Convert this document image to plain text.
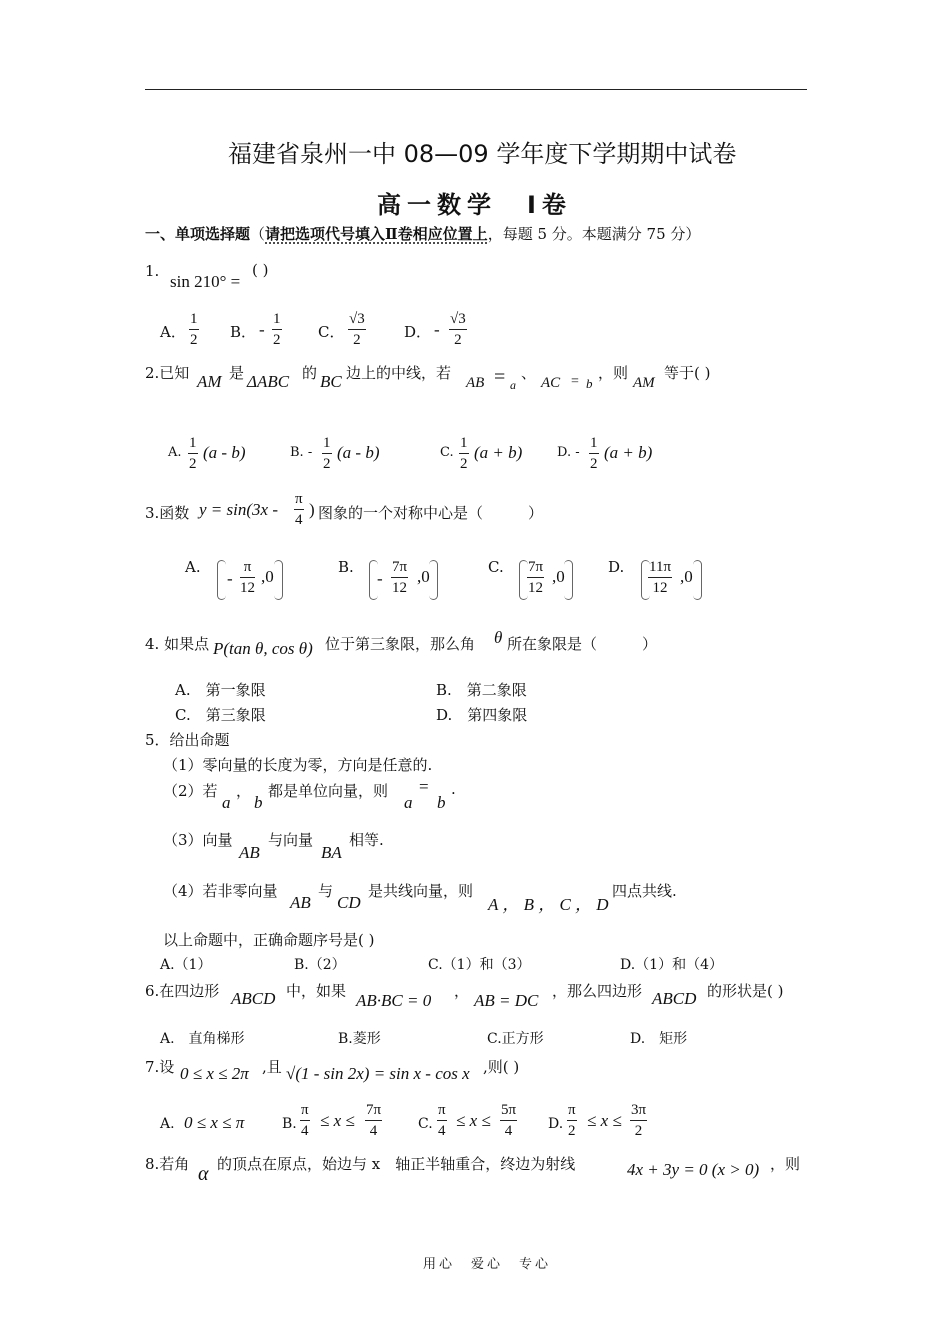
福建省泉州一中 08—09 学年度下学期期中试卷
高一数学　Ⅰ卷
一、单项选择题（请把选项代号填入Ⅱ卷相应位置上，每题 5 分。本题满分 75 分）
1.
sin 210° =
( )
A． $\frac{1}{2}$ B． - $\frac{1}{2}$ C． $\frac{√3}{2}$	D． - $\frac{√3}{2}$
2.已知 AM 是 ΔABC 的 BC 边上的中线，若
AB = a
、
AC = b
，则
AM
等于( )
A. $\frac{1}{2} (a - b)$	B. - $\frac{1}{2} (a - b)$	C. $\frac{1}{2} (a + b)$	D. - $\frac{1}{2} (a + b)$
3.函数 $y = \sin(3x - \frac{\pi}{4}$ ) 图象的一个对称中心是（　　　）
A.
- $\frac{\pi}{12} ,0$	B.
- $\frac{7\pi}{12} ,0$	C. $\frac{7\pi}{12} ,0$	D. $\frac{11\pi}{12} ,0$
4. 如果点 P(tan θ, cos θ) 位于第三象限，那么角 θ 所在象限是（　　　）
A.　第一象限	B.　第二象限
C.　第三象限	D.　第四象限
5．给出命题
（1）零向量的长度为零，方向是任意的.
（2）若
a
，
b
都是单位向量，则
a
=
b
.
（3）向量
AB
与向量
BA
相等.
（4）若非零向量
AB
与
CD
是共线向量，则
A ， B ， C ， D
四点共线.
以上命题中，正确命题序号是( )
A.（1）	B.（2）	C.（1）和（3）	D.（1）和（4）
6.在四边形 ABCD 中，如果 AB·BC = 0 ， AB = DC ，那么四边形 ABCD 的形状是( )
A.　直角梯形	B.菱形	C.正方形	D.　矩形
7.设 0 ≤ x ≤ 2π ,且 √(1 - sin 2x) = sin x - cos x ,则( )
A. 0 ≤ x ≤ π	B. $\frac{\pi}{4} \le x \le \frac{7\pi}{4}$	C. $\frac{\pi}{4} \le x \le \frac{5\pi}{4} D$. $\frac{\pi}{2} \le x \le \frac{3\pi}{2}$
8.若角 α 的顶点在原点，始边与 x　轴正半轴重合，终边为射线	4x + 3y = 0 (x > 0) ，则
用心　爱心　专心
